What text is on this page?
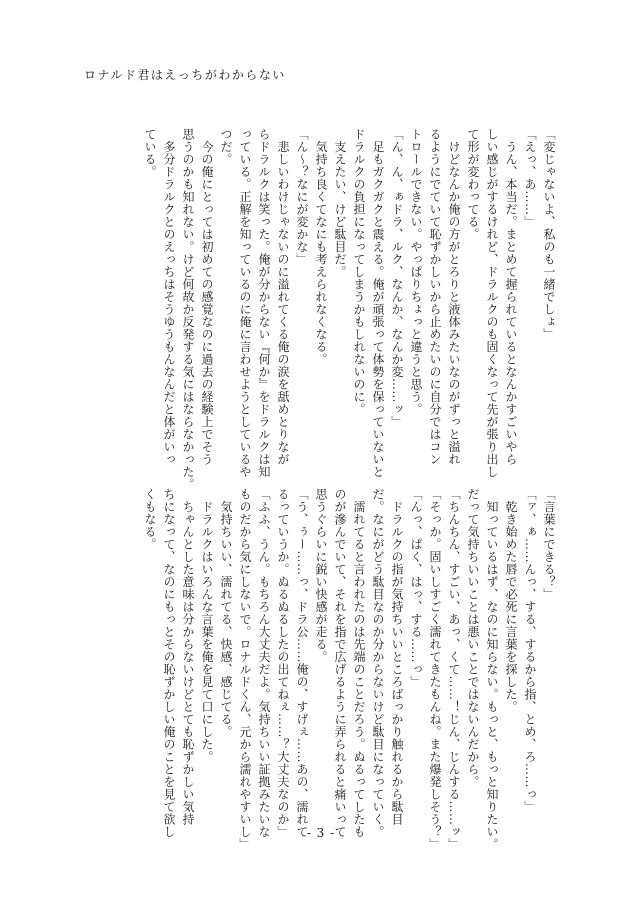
ロナルド君はえっちがわからない
「変じゃないよ、私のも一緒でしょ」
「えっ、あ……」
　うん、本当だ。まとめて握られているとなんかすごいやら
しい感じがするけれど、ドラルクのも固くなって先が張り出し
て形が変わってる。
　けどなんか俺の方がとろりと液体みたいなのがずっと溢れ
るようにでていて恥ずかしいから止めたいのに自分ではコン
トロールできない。やっぱりちょっと違うと思う。
「ん、ん、ぁドラ、ルク、なんか、なんか変……ッ」
　足もガクガクと震える。俺が頑張って体勢を保っていないと
ドラルクの負担になってしまうかもしれないのに。
　支えたい、けど駄目だ。
　気持ち良くてなにも考えられなくなる。
「ん〜？なにが変かな」
　悲しいわけじゃないのに溢れてくる俺の涙を舐めとりなが
らドラルクは笑った。俺が分からない『何か』をドラルクは知
っている。正解を知っているのに俺に言わせようとしているや
つだ。
　今の俺にとっては初めての感覚なのに過去の経験上でそう
思うのかも知れない。けど何故か反発する気にはならなかった。
　多分ドラルクとのえっちはそうゆうもんなんだと体がいっ
ている。
「言葉にできる？」
「ァ、ぁ……んっ、する、するから指、とめ、ろ……っ」
　乾き始めた唇で必死に言葉を探した。
　知っているはず、なのに知らない。もっと、もっと知りたい。
だって気持ちいいことは悪いことではないんだから。
「ちんちん、すごい、あっ、くて……！じん、じんする……ッ」
「そっか。固いしすごく濡れてきたもんね。また爆発しそう？」
「んっ、ぱく、はっ、する……っ」
　ドラルクの指が気持ちいいところばっかり触れるから駄目
だ。なにがどう駄目なのか分からないけど駄目になっていく。
　濡れてると言われたのは先端のことだろう。ぬるってしたも
のが滲んでいて、それを指で広げるように弄られると痛いって
思うぐらいに鋭い快感が走る。
「う、ぅー……っ、ドラ公……俺の、すげぇ……あの、濡れて
るっていうか。ぬるぬるしたの出てねぇ……？大丈夫なのか」
「ふふ、うん。もちろん大丈夫だよ。気持ちいい証拠みたいな
ものだから気にしないで。ロナルドくん、元から濡れやすいし」
　気持ちいい、濡れてる、快感、感じてる。
　ドラルクはいろんな言葉を俺を見て口にした。
　ちゃんとした意味は分からないけどとても恥ずかしい気持
ちになって、なのにもっとその恥ずかしい俺のことを見て欲し
くもなる。
- 3 -
